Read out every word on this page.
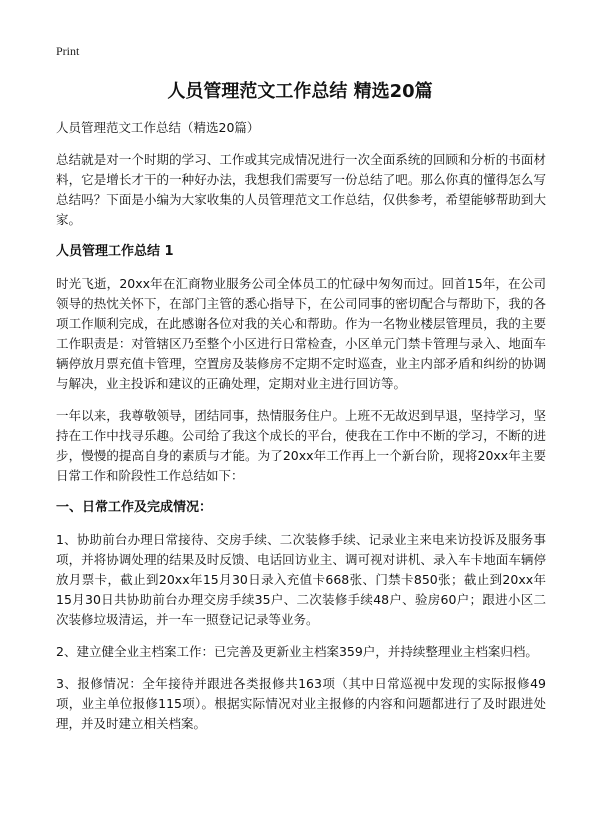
Print
人员管理范文工作总结 精选20篇

人员管理范文工作总结（精选20篇）

总结就是对一个时期的学习、工作或其完成情况进行一次全面系统的回顾和分析的书面材料，它是增长才干的一种好办法，我想我们需要写一份总结了吧。那么你真的懂得怎么写总结吗？下面是小编为大家收集的人员管理范文工作总结，仅供参考，希望能够帮助到大家。

人员管理工作总结 1

时光飞逝，20xx年在汇商物业服务公司全体员工的忙碌中匆匆而过。回首15年，在公司领导的热忱关怀下，在部门主管的悉心指导下，在公司同事的密切配合与帮助下，我的各项工作顺利完成，在此感谢各位对我的关心和帮助。作为一名物业楼层管理员，我的主要工作职责是：对管辖区乃至整个小区进行日常检查，小区单元门禁卡管理与录入、地面车辆停放月票充值卡管理，空置房及装修房不定期不定时巡查，业主内部矛盾和纠纷的协调与解决，业主投诉和建议的正确处理，定期对业主进行回访等。

一年以来，我尊敬领导，团结同事，热情服务住户。上班不无故迟到早退，坚持学习，坚持在工作中找寻乐趣。公司给了我这个成长的平台，使我在工作中不断的学习，不断的进步，慢慢的提高自身的素质与才能。为了20xx年工作再上一个新台阶，现将20xx年主要日常工作和阶段性工作总结如下：

一、日常工作及完成情况：

1、协助前台办理日常接待、交房手续、二次装修手续、记录业主来电来访投诉及服务事项，并将协调处理的结果及时反馈、电话回访业主、调可视对讲机、录入车卡地面车辆停放月票卡，截止到20xx年15月30日录入充值卡668张、门禁卡850张；截止到20xx年15月30日共协助前台办理交房手续35户、二次装修手续48户、验房60户；跟进小区二次装修垃圾清运，并一车一照登记记录等业务。

2、建立健全业主档案工作：已完善及更新业主档案359户，并持续整理业主档案归档。

3、报修情况：全年接待并跟进各类报修共163项（其中日常巡视中发现的实际报修49项，业主单位报修115项）。根据实际情况对业主报修的内容和问题都进行了及时跟进处理，并及时建立相关档案。
